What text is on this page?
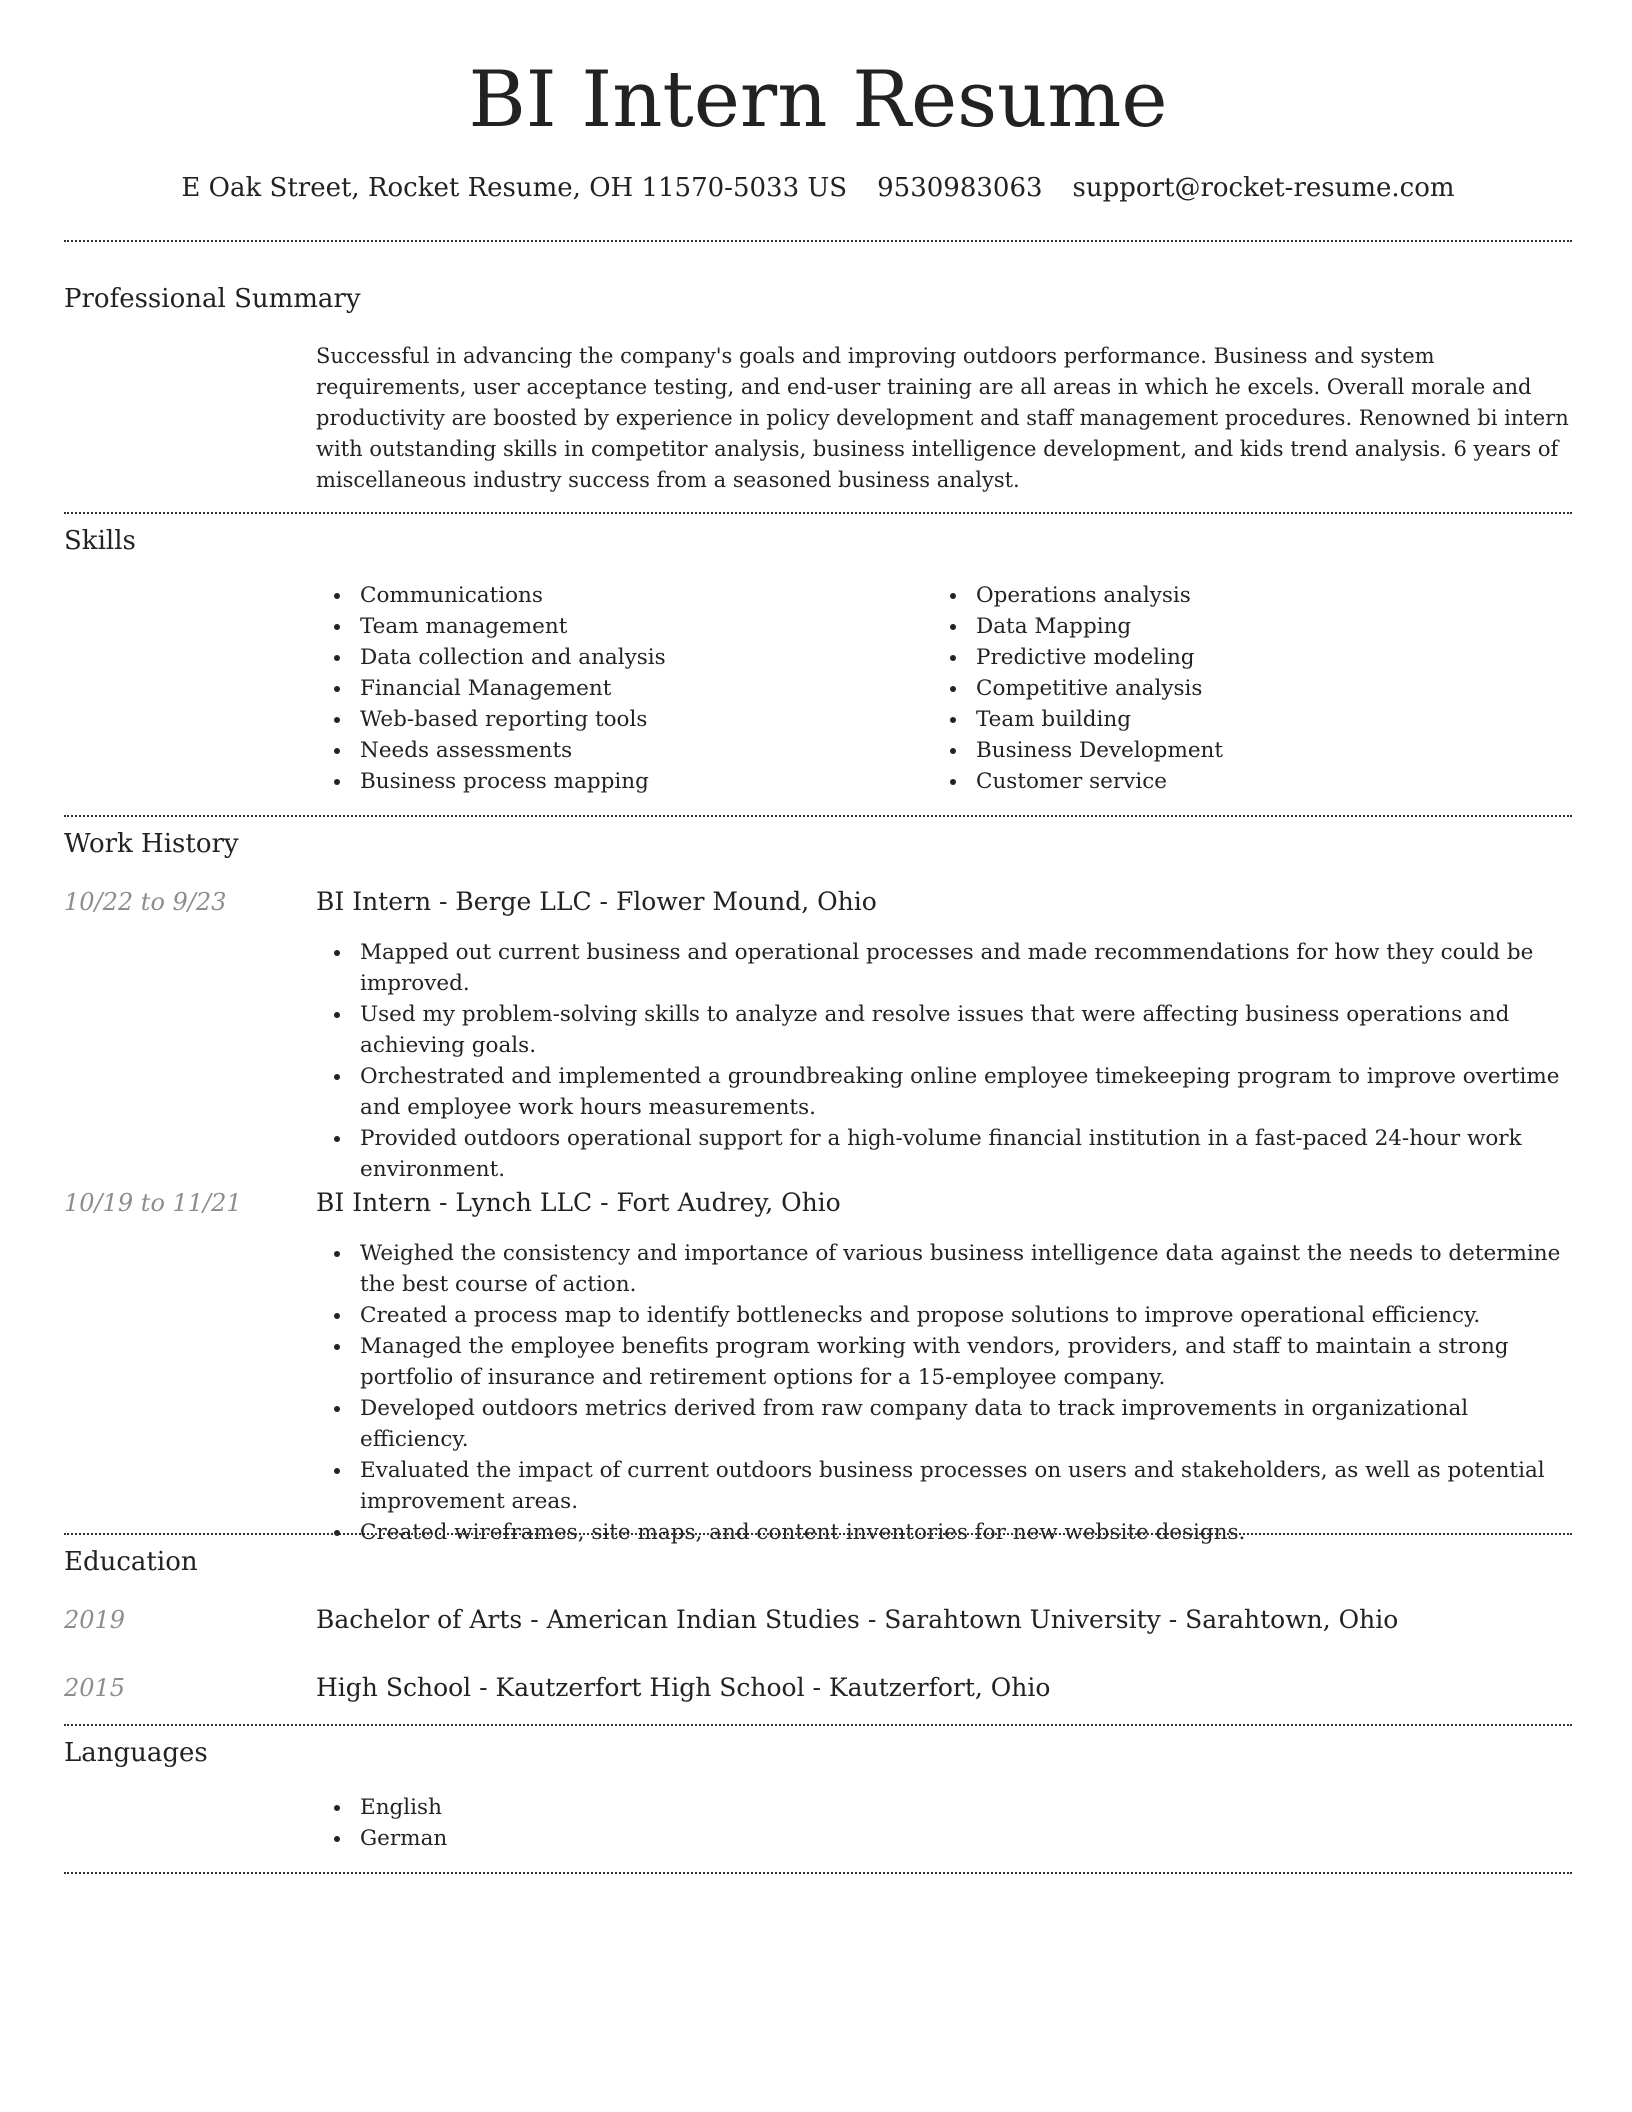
BI Intern Resume
E Oak Street, Rocket Resume, OH 11570-5033 US 9530983063 support@rocket-resume.com
Professional Summary

Successful in advancing the company's goals and improving outdoors performance. Business and system requirements, user acceptance testing, and end-user training are all areas in which he excels. Overall morale and productivity are boosted by experience in policy development and staff management procedures. Renowned bi intern with outstanding skills in competitor analysis, business intelligence development, and kids trend analysis. 6 years of miscellaneous industry success from a seasoned business analyst.

Skills
Communications
Team management
Data collection and analysis
Financial Management
Web-based reporting tools
Needs assessments
Business process mapping
Operations analysis
Data Mapping
Predictive modeling
Competitive analysis
Team building
Business Development
Customer service
Work History
10/22 to 9/23	BI Intern - Berge LLC - Flower Mound, Ohio
Mapped out current business and operational processes and made recommendations for how they could be improved.
Used my problem-solving skills to analyze and resolve issues that were affecting business operations and achieving goals.
Orchestrated and implemented a groundbreaking online employee timekeeping program to improve overtime and employee work hours measurements.
Provided outdoors operational support for a high-volume financial institution in a fast-paced 24-hour work environment.
10/19 to 11/21	BI Intern - Lynch LLC - Fort Audrey, Ohio
Weighed the consistency and importance of various business intelligence data against the needs to determine the best course of action.
Created a process map to identify bottlenecks and propose solutions to improve operational efficiency.
Managed the employee benefits program working with vendors, providers, and staff to maintain a strong portfolio of insurance and retirement options for a 15-employee company.
Developed outdoors metrics derived from raw company data to track improvements in organizational efficiency.
Evaluated the impact of current outdoors business processes on users and stakeholders, as well as potential improvement areas.
Created wireframes, site maps, and content inventories for new website designs.
Education
2019	Bachelor of Arts - American Indian Studies - Sarahtown University - Sarahtown, Ohio
2015	High School - Kautzerfort High School - Kautzerfort, Ohio
Languages
English
German
